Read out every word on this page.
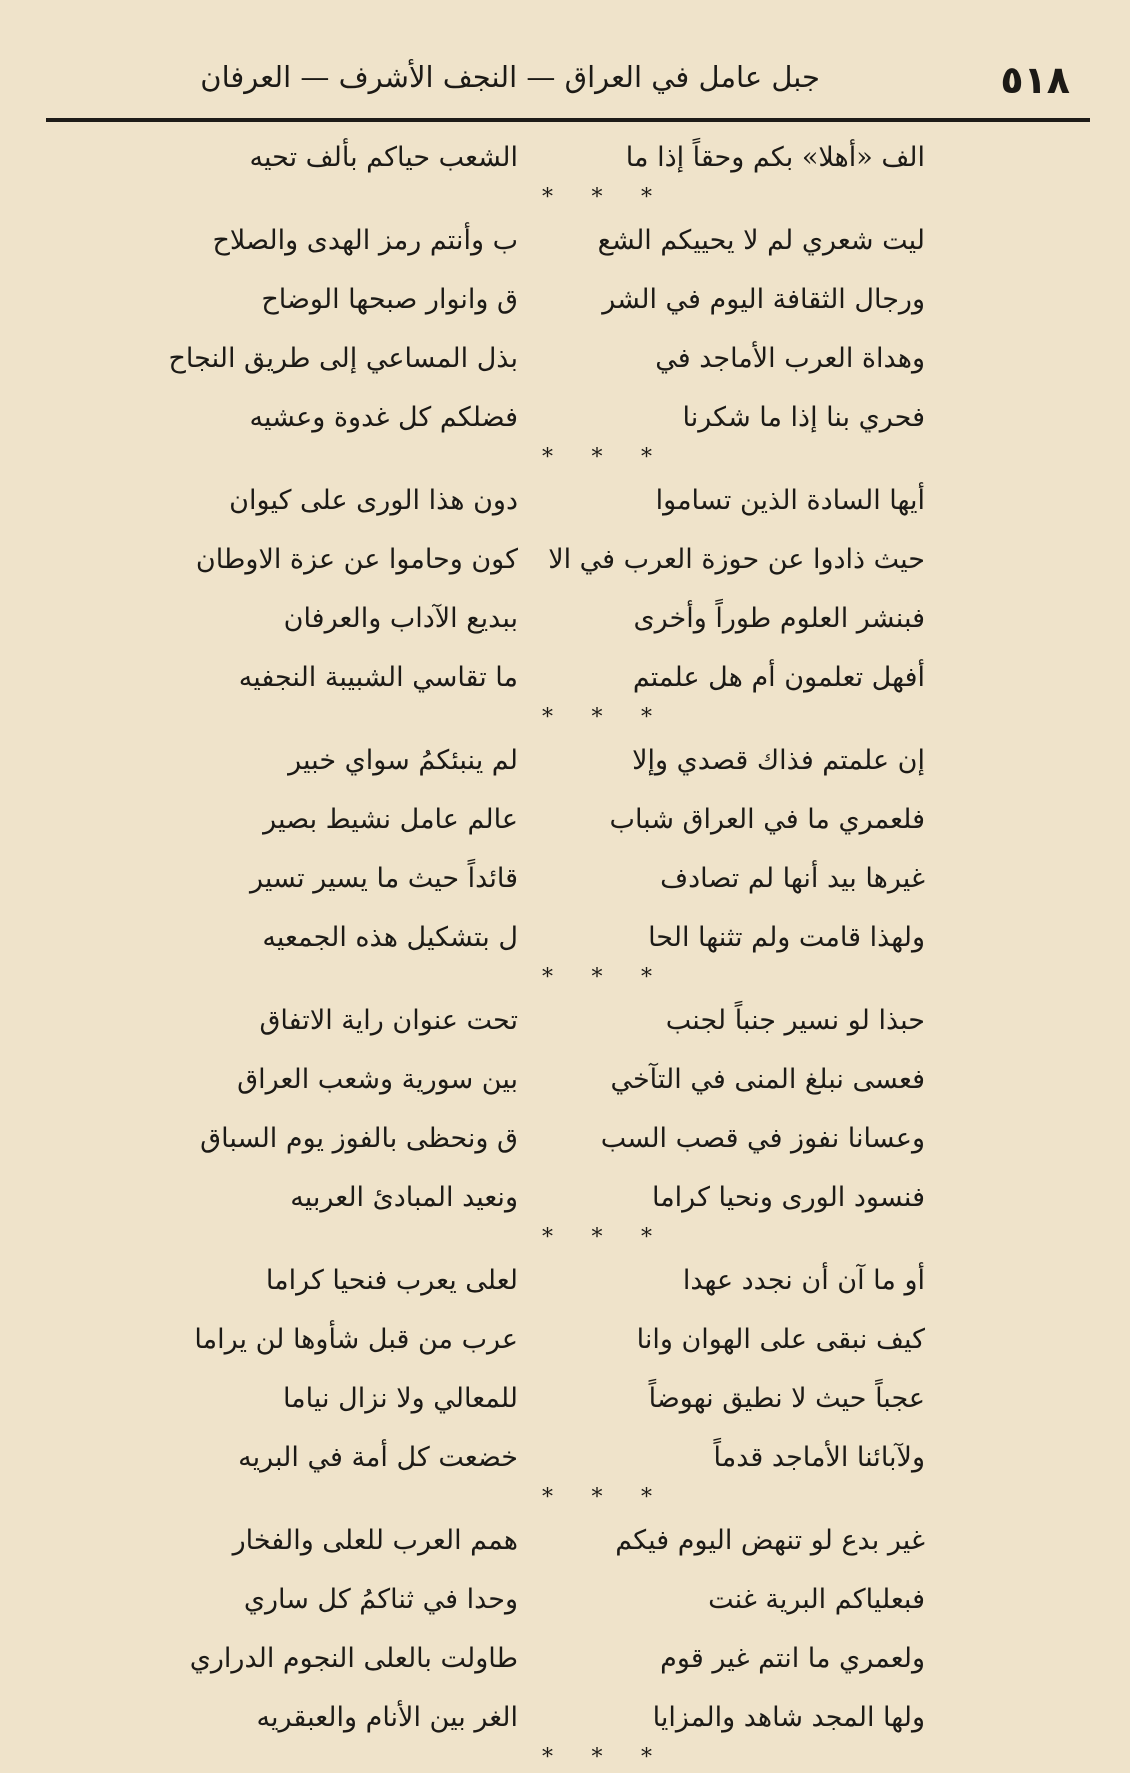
٥١٨
جبل عامل في العراق — النجف الأشرف — العرفان
الف «أهلا» بكم وحقاً إذا ما
الشعب حياكم بألف تحيه
* * *
ليت شعري لم لا يحييكم الشع
ب وأنتم رمز الهدى والصلاح
ورجال الثقافة اليوم في الشر
ق وانوار صبحها الوضاح
وهداة العرب الأماجد في
بذل المساعي إلى طريق النجاح
فحري بنا إذا ما شكرنا
فضلكم كل غدوة وعشيه
* * *
أيها السادة الذين تساموا
دون هذا الورى على كيوان
حيث ذادوا عن حوزة العرب في الا
كون وحاموا عن عزة الاوطان
فبنشر العلوم طوراً وأخرى
ببديع الآداب والعرفان
أفهل تعلمون أم هل علمتم
ما تقاسي الشبيبة النجفيه
* * *
إن علمتم فذاك قصدي وإلا
لم ينبئكمُ سواي خبير
فلعمري ما في العراق شباب
عالم عامل نشيط بصير
غيرها بيد أنها لم تصادف
قائداً حيث ما يسير تسير
ولهذا قامت ولم تثنها الحا
ل بتشكيل هذه الجمعيه
* * *
حبذا لو نسير جنباً لجنب
تحت عنوان راية الاتفاق
فعسى نبلغ المنى في التآخي
بين سورية وشعب العراق
وعسانا نفوز في قصب السب
ق ونحظى بالفوز يوم السباق
فنسود الورى ونحيا كراما
ونعيد المبادئ العربيه
* * *
أو ما آن أن نجدد عهدا
لعلى يعرب فنحيا كراما
كيف نبقى على الهوان وانا
عرب من قبل شأوها لن يراما
عجباً حيث لا نطيق نهوضاً
للمعالي ولا نزال نياما
ولآبائنا الأماجد قدماً
خضعت كل أمة في البريه
* * *
غير بدع لو تنهض اليوم فيكم
همم العرب للعلى والفخار
فبعلياكم البرية غنت
وحدا في ثناكمُ كل ساري
ولعمري ما انتم غير قوم
طاولت بالعلى النجوم الدراري
ولها المجد شاهد والمزايا
الغر بين الأنام والعبقريه
* * *
